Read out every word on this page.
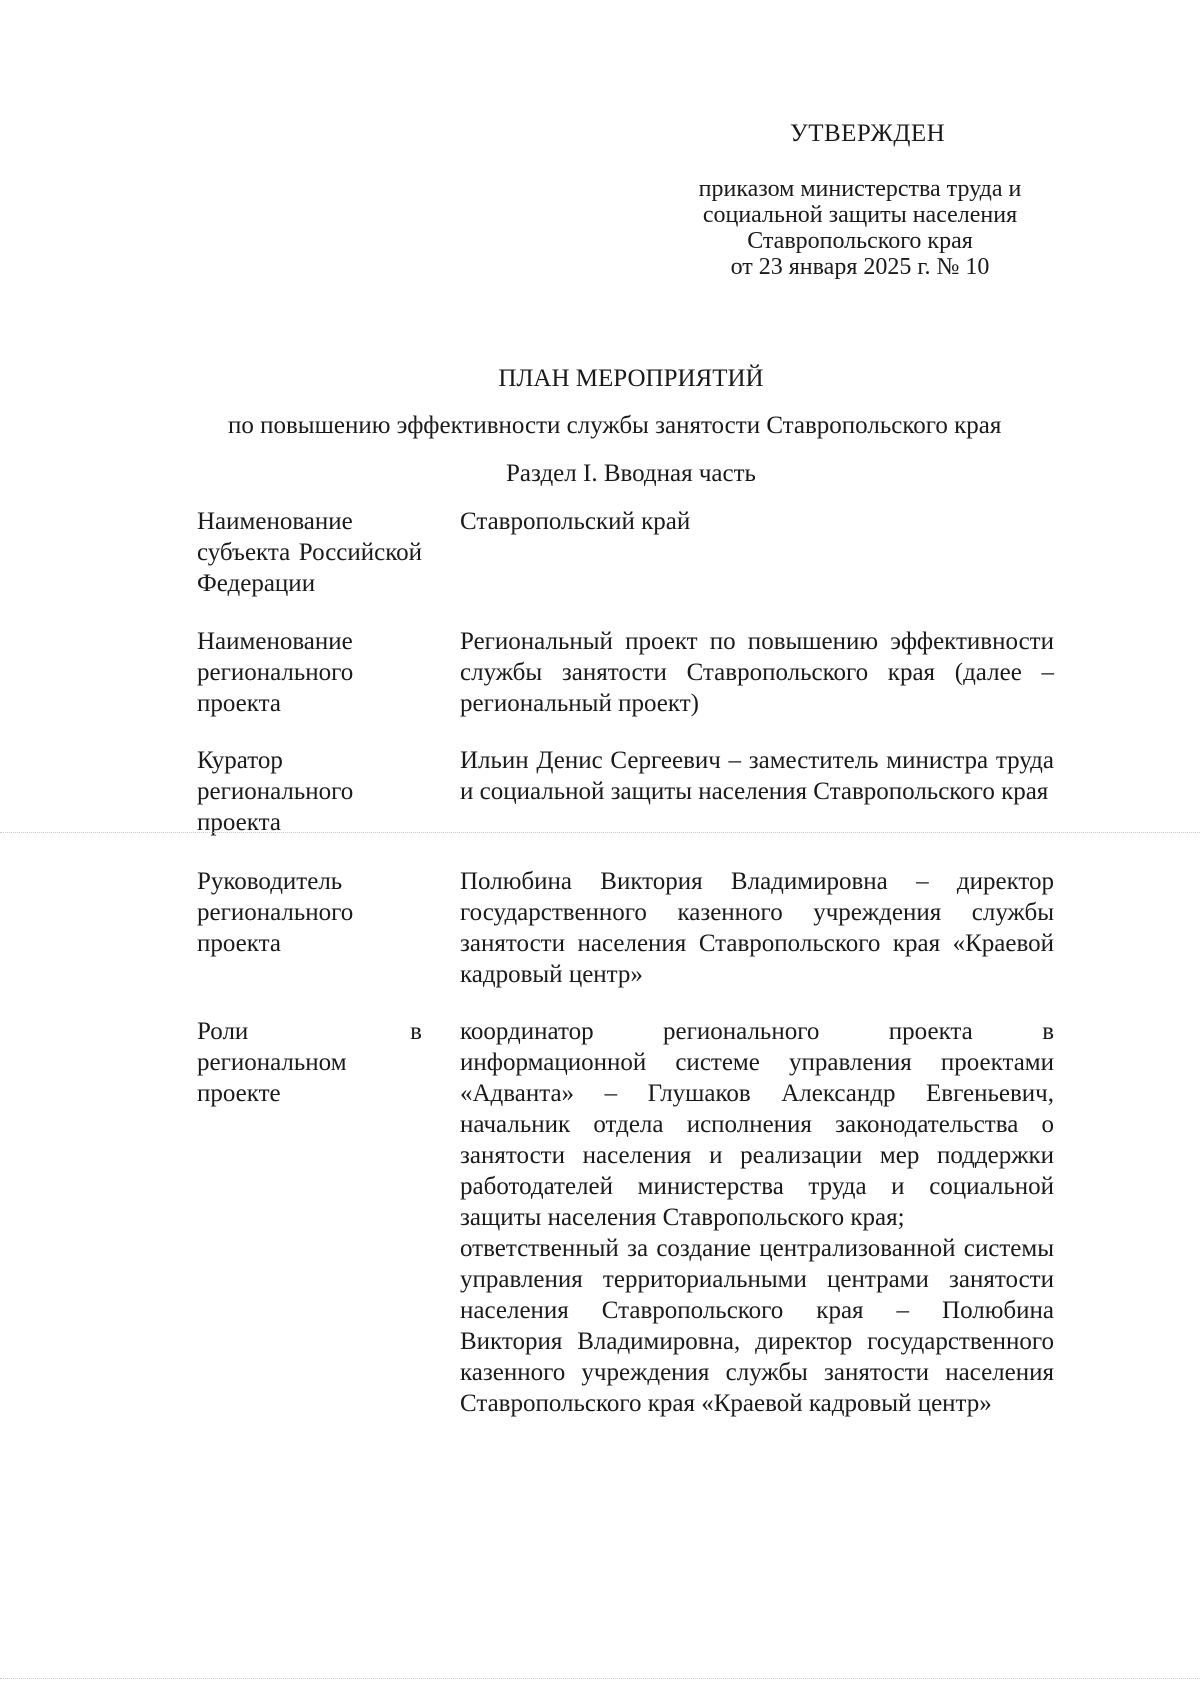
УТВЕРЖДЕН
приказом министерства труда и
социальной защиты населения
Ставропольского края
от 23 января 2025 г. № 10
ПЛАН МЕРОПРИЯТИЙ
по повышению эффективности службы занятости Ставропольского края
Раздел I. Вводная часть
Наименование субъекта Российской Федерации
Ставропольский край
Наименование регионального проекта
Региональный проект по повышению эффективности службы занятости Ставропольского края (далее – региональный проект)
Куратор регионального проекта
Ильин Денис Сергеевич – заместитель министра труда и социальной защиты населения Ставропольского края
Руководитель регионального проекта
Полюбина Виктория Владимировна – директор государственного казенного учреждения службы занятости населения Ставропольского края «Краевой кадровый центр»
Роли в региональном проекте

координатор регионального проекта в информационной системе управления проектами «Адванта» – Глушаков Александр Евгеньевич, начальник отдела исполнения законодательства о занятости населения и реализации мер поддержки работодателей министерства труда и социальной защиты населения Ставропольского края;

ответственный за создание централизованной системы управления территориальными центрами занятости населения Ставропольского края – Полюбина Виктория Владимировна, директор государственного казенного учреждения службы занятости населения Ставропольского края «Краевой кадровый центр»
